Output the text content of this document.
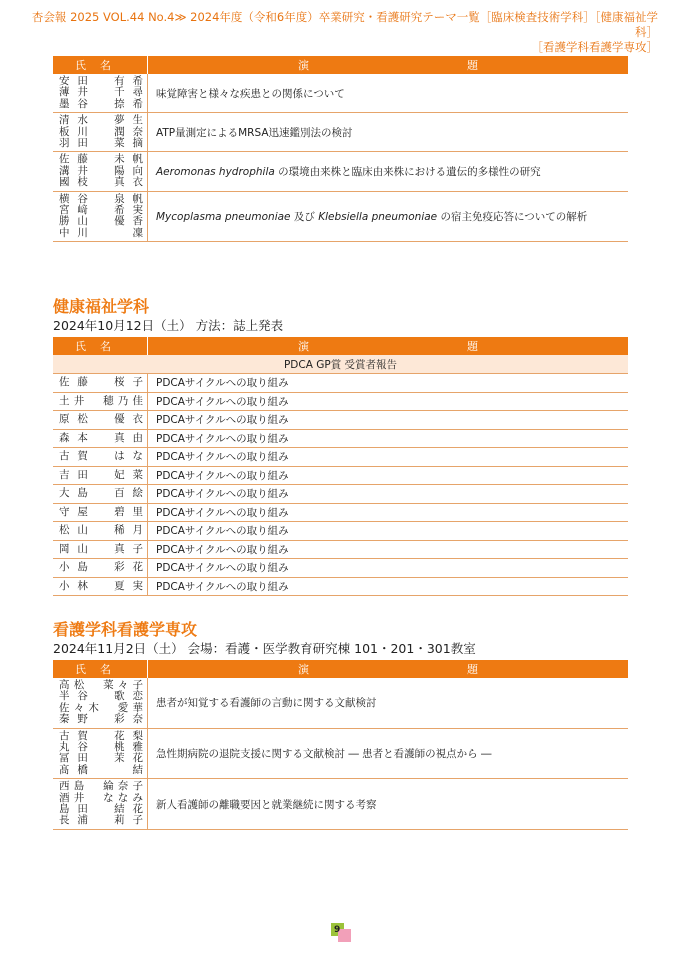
杏会報 2025 VOL.44 No.4≫ 2024年度（令和6年度）卒業研究・看護研究テーマ一覧［臨床検査技術学科］［健康福祉学科］
［看護学科看護学専攻］
氏名	演 題

安田　有希
薄井　千尋
墨谷　捺希	味覚障害と様々な疾患との関係について

清水　夢生
板川　潤奈
羽田　菜摘	ATP量測定によるMRSA迅速鑑別法の検討

佐藤　未帆
溝井　陽向
國枝　真衣	Aeromonas hydrophila の環境由来株と臨床由来株における遺伝的多様性の研究

横谷　泉帆
宮﨑　希実
勝山　優香
中川　　凜	Mycoplasma pneumoniae 及び Klebsiella pneumoniae の宿主免疫応答についての解析
健康福祉学科
2024年10月12日（土） 方法：誌上発表
氏名	演 題
PDCA GP賞 受賞者報告	

佐藤　桜子	PDCAサイクルへの取り組み

土井　穂乃佳	PDCAサイクルへの取り組み

原松　優衣	PDCAサイクルへの取り組み

森本　真由	PDCAサイクルへの取り組み

古賀　はな	PDCAサイクルへの取り組み

吉田　妃菜	PDCAサイクルへの取り組み

大島　百絵	PDCAサイクルへの取り組み

守屋　碧里	PDCAサイクルへの取り組み

松山　稀月	PDCAサイクルへの取り組み

岡山　真子	PDCAサイクルへの取り組み

小島　彩花	PDCAサイクルへの取り組み

小林　夏実	PDCAサイクルへの取り組み
看護学科看護学専攻
2024年11月2日（土） 会場：看護・医学教育研究棟 101・201・301教室
氏名	演 題

高松　菜々子
半谷　歌恋
佐々木　愛華
秦野　彩奈	患者が知覚する看護師の言動に関する文献検討

古賀　花梨
丸谷　桃雅
冨田　茉花
髙橋　　結	急性期病院の退院支援に関する文献検討 ― 患者と看護師の視点から ―

西島　綸奈子
酒井　ななみ
島田　結花
長浦　莉子	新人看護師の離職要因と就業継続に関する考察
9
